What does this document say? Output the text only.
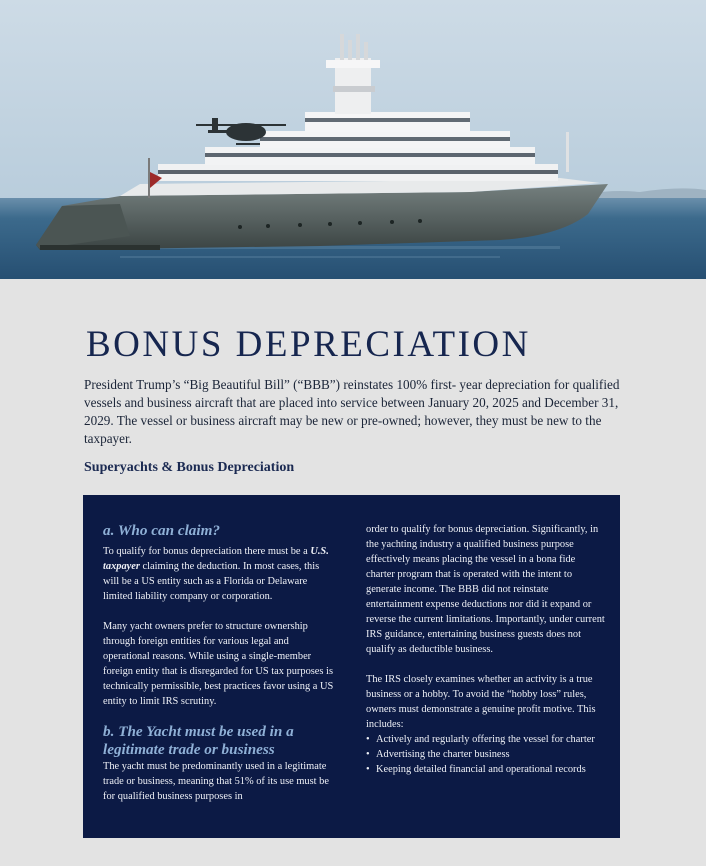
BONUS DEPRECIATION
President Trump’s “Big Beautiful Bill” (“BBB”) reinstates 100% first- year depreciation for qualified vessels and business aircraft that are placed into service between January 20, 2025 and December 31, 2029. The vessel or business aircraft may be new or pre-owned; however, they must be new to the taxpayer.
Superyachts & Bonus Depreciation

a. Who can claim?

To qualify for bonus depreciation there must be a U.S. taxpayer claiming the deduction. In most cases, this will be a US entity such as a Florida or Delaware limited liability company or corporation.

Many yacht owners prefer to structure ownership through foreign entities for various legal and operational reasons. While using a single-member foreign entity that is disregarded for US tax purposes is technically permissible, best practices favor using a US entity to limit IRS scrutiny.

b. The Yacht must be used in a legitimate trade or business

The yacht must be predominantly used in a legitimate trade or business, meaning that 51% of its use must be for qualified business purposes in

order to qualify for bonus depreciation. Significantly, in the yachting industry a qualified business purpose effectively means placing the vessel in a bona fide charter program that is operated with the intent to generate income. The BBB did not reinstate entertainment expense deductions nor did it expand or reverse the current limitations. Importantly, under current IRS guidance, entertaining business guests does not qualify as deductible business.

The IRS closely examines whether an activity is a true business or a hobby. To avoid the “hobby loss” rules, owners must demonstrate a genuine profit motive. This includes:

• Actively and regularly offering the vessel for charter
• Advertising the charter business
• Keeping detailed financial and operational records
